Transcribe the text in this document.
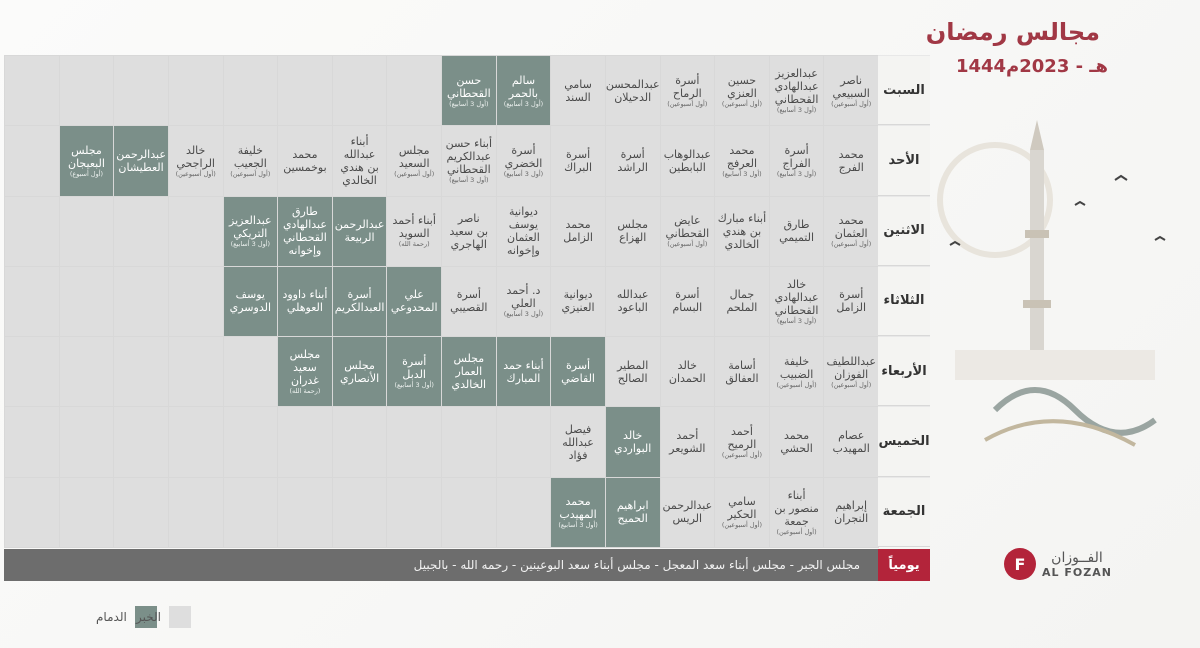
مجالس رمضان
1444هـ - 2023م
ناصر
السبيعي
(أول أسبوعين)
عبدالعزيز
عبدالهادي
القحطاني
(أول 3 أسابيع)
حسين
العنزي
(أول أسبوعين)
أسرة
الرماح
(أول أسبوعين)
عبدالمحسن
الدحيلان
سامي
السند
سالم
بالحمر
(أول 3 أسابيع)
حسن
القحطاني
(أول 3 أسابيع)
محمد
الفرج
أسرة
الفراج
(أول 3 أسابيع)
محمد
العرفج
(أول 3 أسابيع)
عبدالوهاب
البابطين
أسرة
الراشد
أسرة
البراك
أسرة
الخضري
(أول 3 أسابيع)
أبناء حسن
عبدالكريم
القحطاني
(أول 3 أسابيع)
مجلس
السعيد
(أول أسبوعين)
أبناء
عبدالله
بن هندي
الخالدي
محمد
بوخمسين
خليفة
الجعيب
(أول أسبوعين)
خالد
الراجحي
(أول أسبوعين)
عبدالرحمن
العطيشان
مجلس
البعيجان
(أول أسبوع)
محمد
العثمان
(أول أسبوعين)
طارق
التميمي
أبناء مبارك
بن هندي
الخالدي
عايض
القحطاني
(أول أسبوعين)
مجلس
الهزاع
محمد
الزامل
ديوانية
يوسف
العثمان
وإخوانه
ناصر
بن سعيد
الهاجري
أبناء أحمد
السويد
(رحمة الله)
عبدالرحمن
الربيعة
طارق
عبدالهادي
القحطاني
وإخوانه
عبدالعزيز
التريكي
(أول 3 أسابيع)
أسرة
الزامل
خالد
عبدالهادي
القحطاني
(أول 3 أسابيع)
جمال
الملحم
أسرة
البسام
عبدالله
الباعود
ديوانية
العنيزي
د. أحمد
العلي
(أول 3 أسابيع)
أسرة
القصيبي
علي
المحدوعي
أسرة
العبدالكريم
أبناء داوود
العوهلي
يوسف
الدوسري
عبداللطيف
الفوزان
(أول أسبوعين)
خليفة
الضبيب
(أول أسبوعين)
أسامة
العفالق
خالد
الحمدان
المطير
الصالح
أسرة
القاضي
أبناء حمد
المبارك
مجلس
العمار
الخالدي
أسرة
الدبل
(أول 3 أسابيع)
مجلس
الأنصاري
مجلس
سعيد
غدران
(رحمة الله)
عصام
المهيدب
محمد
الحشي
أحمد
الرميح
(أول أسبوعين)
أحمد
الشويعر
خالد
البواردي
فيصل
عبدالله
فؤاد
إبراهيم
النجران
أبناء
منصور بن
جمعة
(أول أسبوعين)
سامي
الحكير
(أول أسبوعين)
عبدالرحمن
الريس
ابراهيم
الحميح
محمد
المهيدب
(أول 3 أسابيع)
السبت
الأحد
الاثنين
الثلاثاء
الأربعاء
الخميس
الجمعة
يومياً
مجلس الجبر - مجلس أبناء سعد المعجل - مجلس أبناء سعد البوعينين - رحمه الله - بالجبيل	F	الفــوزان
AL FOZAN
الدمام الخبر
